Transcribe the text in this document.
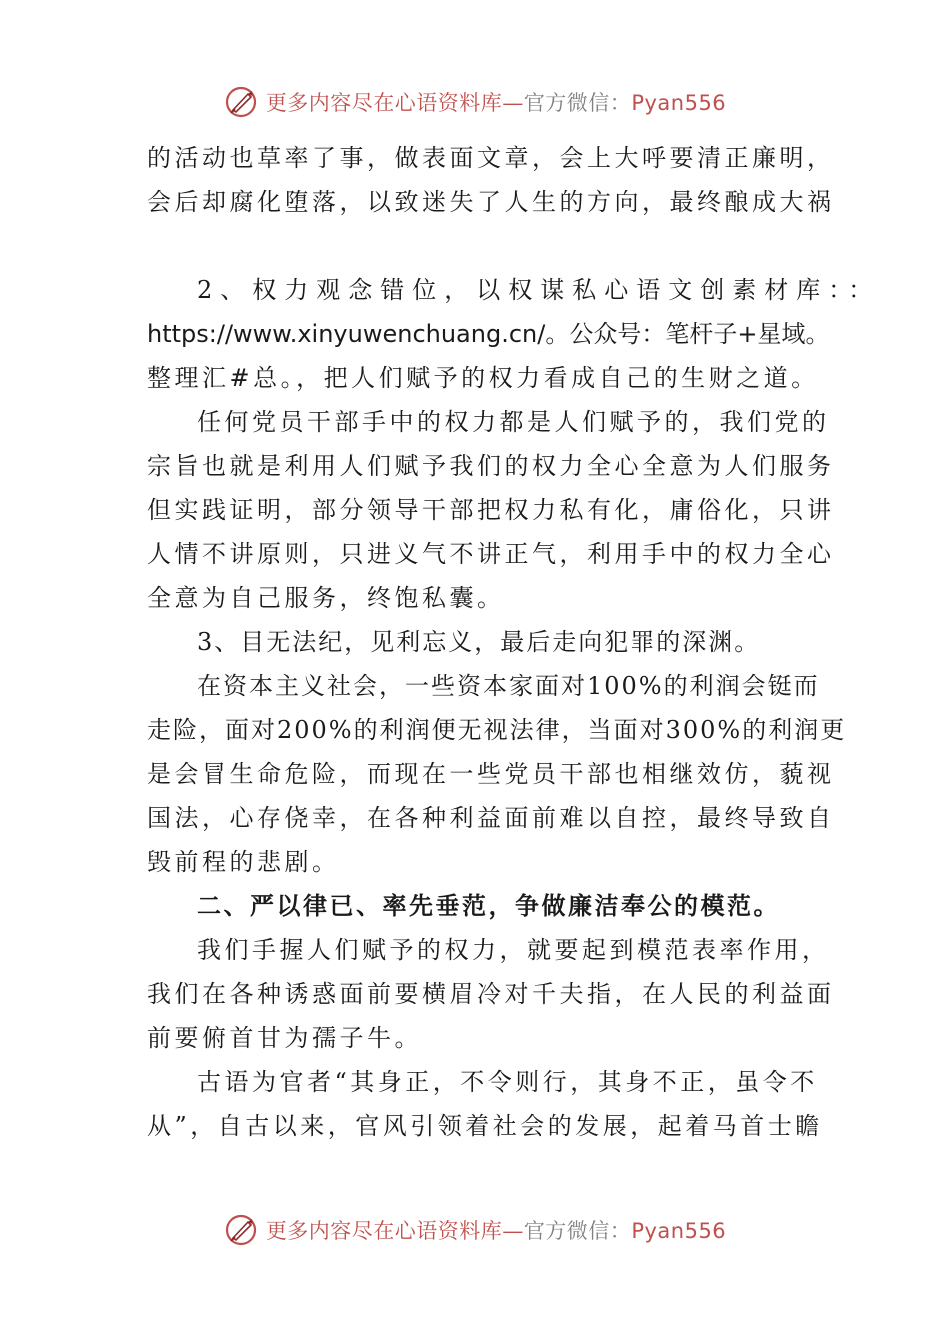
更多内容尽在心语资料库—官方微信：Pyan556
的活动也草率了事，做表面文章，会上大呼要清正廉明，
会后却腐化堕落，以致迷失了人生的方向，最终酿成大祸
2、权力观念错位，以权谋私心语文创素材库：：
https://www.xinyuwenchuang.cn/。公众号：笔杆子+星域。
整理汇#总。，把人们赋予的权力看成自己的生财之道。
任何党员干部手中的权力都是人们赋予的，我们党的
宗旨也就是利用人们赋予我们的权力全心全意为人们服务
但实践证明，部分领导干部把权力私有化，庸俗化，只讲
人情不讲原则，只进义气不讲正气，利用手中的权力全心
全意为自己服务，终饱私囊。
3、目无法纪，见利忘义，最后走向犯罪的深渊。
在资本主义社会，一些资本家面对100%的利润会铤而
走险，面对200%的利润便无视法律，当面对300%的利润更
是会冒生命危险，而现在一些党员干部也相继效仿，藐视
国法，心存侥幸，在各种利益面前难以自控，最终导致自
毁前程的悲剧。
二、严以律已、率先垂范，争做廉洁奉公的模范。
我们手握人们赋予的权力，就要起到模范表率作用，
我们在各种诱惑面前要横眉冷对千夫指，在人民的利益面
前要俯首甘为孺子牛。
古语为官者“其身正，不令则行，其身不正，虽令不
从”，自古以来，官风引领着社会的发展，起着马首士瞻
更多内容尽在心语资料库—官方微信：Pyan556
